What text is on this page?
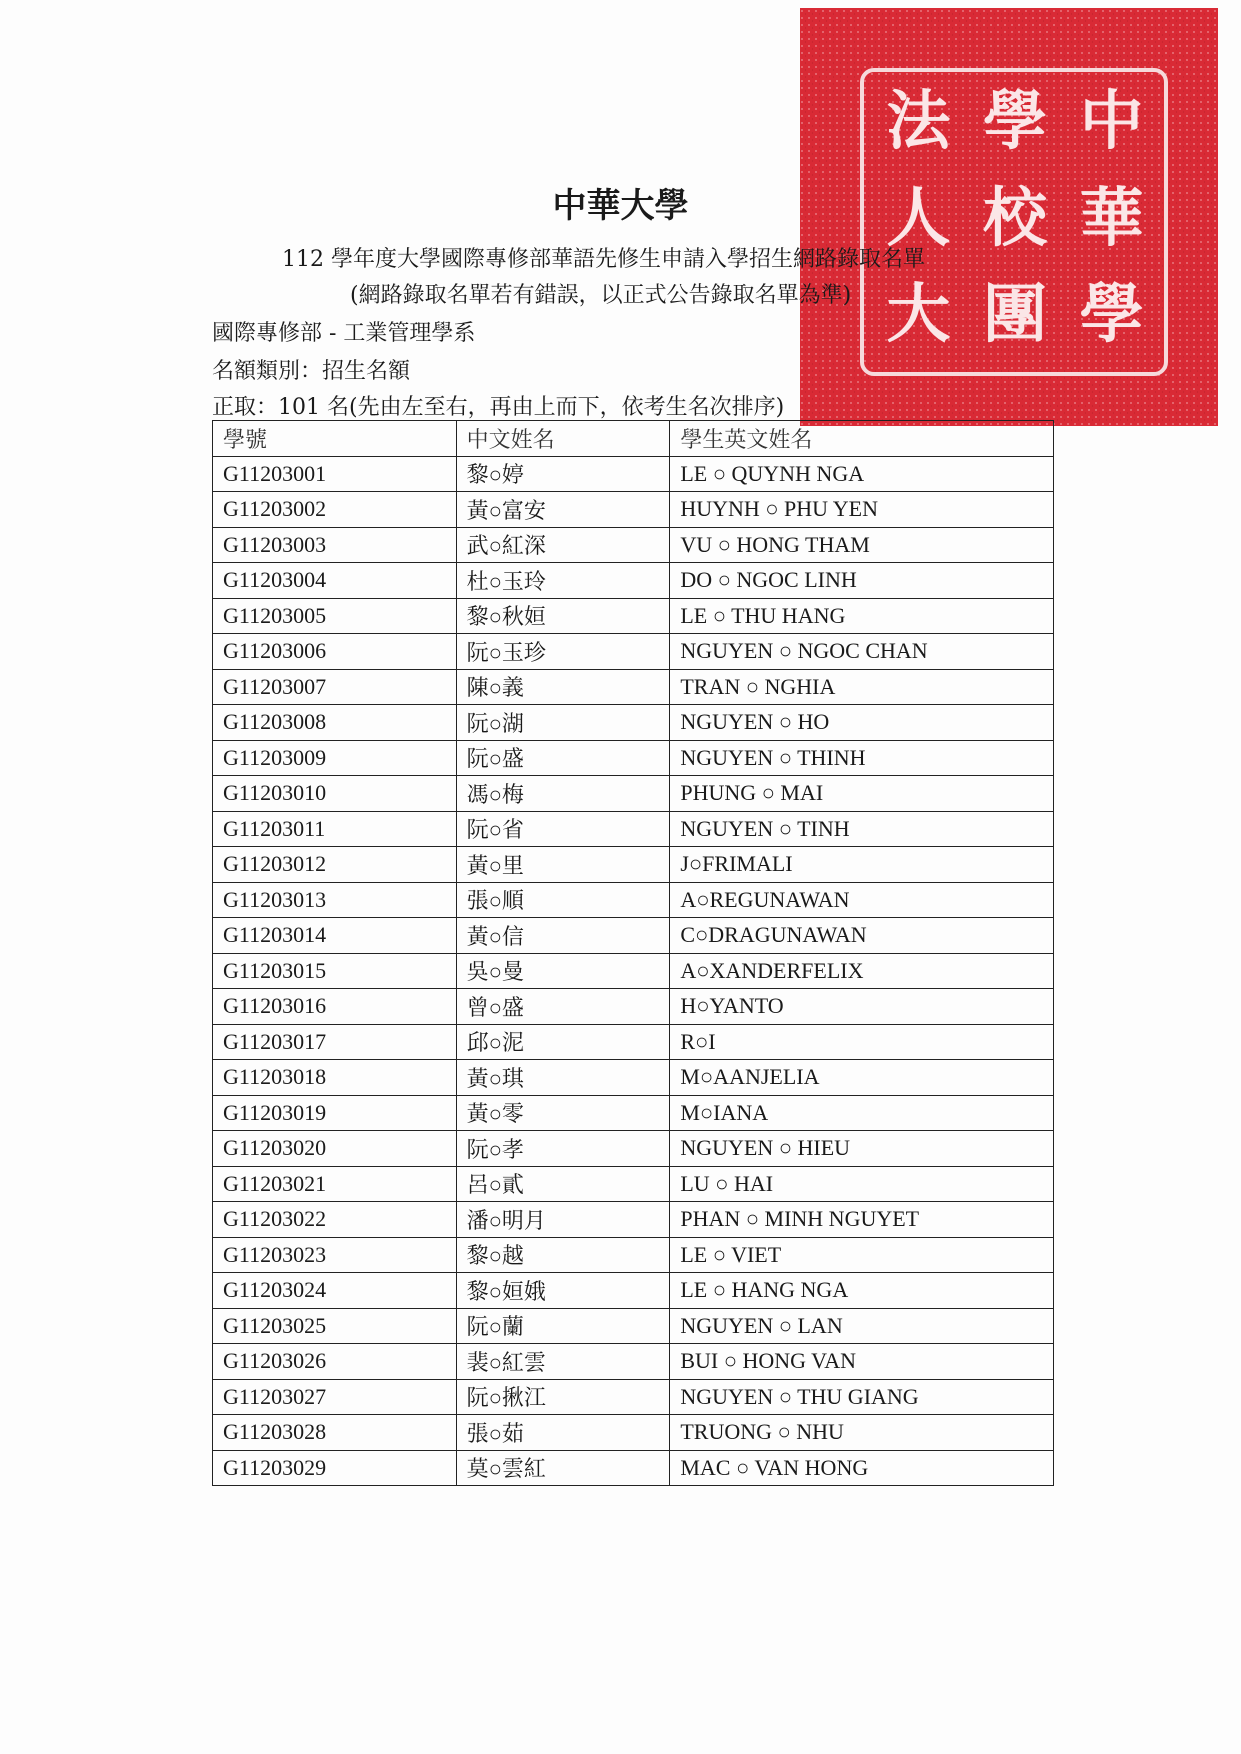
法 學 中
人 校 華
大 團 學
中華大學
112 學年度大學國際專修部華語先修生申請入學招生網路錄取名單
(網路錄取名單若有錯誤，以正式公告錄取名單為準)
國際專修部 - 工業管理學系
名額類別：招生名額
正取：101 名(先由左至右，再由上而下，依考生名次排序)
學號	中文姓名	學生英文姓名
G11203001	黎○婷	LE ○ QUYNH NGA
G11203002	黃○富安	HUYNH ○ PHU YEN
G11203003	武○紅深	VU ○ HONG THAM
G11203004	杜○玉玲	DO ○ NGOC LINH
G11203005	黎○秋姮	LE ○ THU HANG
G11203006	阮○玉珍	NGUYEN ○ NGOC CHAN
G11203007	陳○義	TRAN ○ NGHIA
G11203008	阮○湖	NGUYEN ○ HO
G11203009	阮○盛	NGUYEN ○ THINH
G11203010	馮○梅	PHUNG ○ MAI
G11203011	阮○省	NGUYEN ○ TINH
G11203012	黃○里	J○FRIMALI
G11203013	張○順	A○REGUNAWAN
G11203014	黃○信	C○DRAGUNAWAN
G11203015	吳○曼	A○XANDERFELIX
G11203016	曾○盛	H○YANTO
G11203017	邱○泥	R○I
G11203018	黃○琪	M○AANJELIA
G11203019	黃○零	M○IANA
G11203020	阮○孝	NGUYEN ○ HIEU
G11203021	呂○貳	LU ○ HAI
G11203022	潘○明月	PHAN ○ MINH NGUYET
G11203023	黎○越	LE ○ VIET
G11203024	黎○姮娥	LE ○ HANG NGA
G11203025	阮○蘭	NGUYEN ○ LAN
G11203026	裴○紅雲	BUI ○ HONG VAN
G11203027	阮○揪江	NGUYEN ○ THU GIANG
G11203028	張○茹	TRUONG ○ NHU
G11203029	莫○雲紅	MAC ○ VAN HONG
